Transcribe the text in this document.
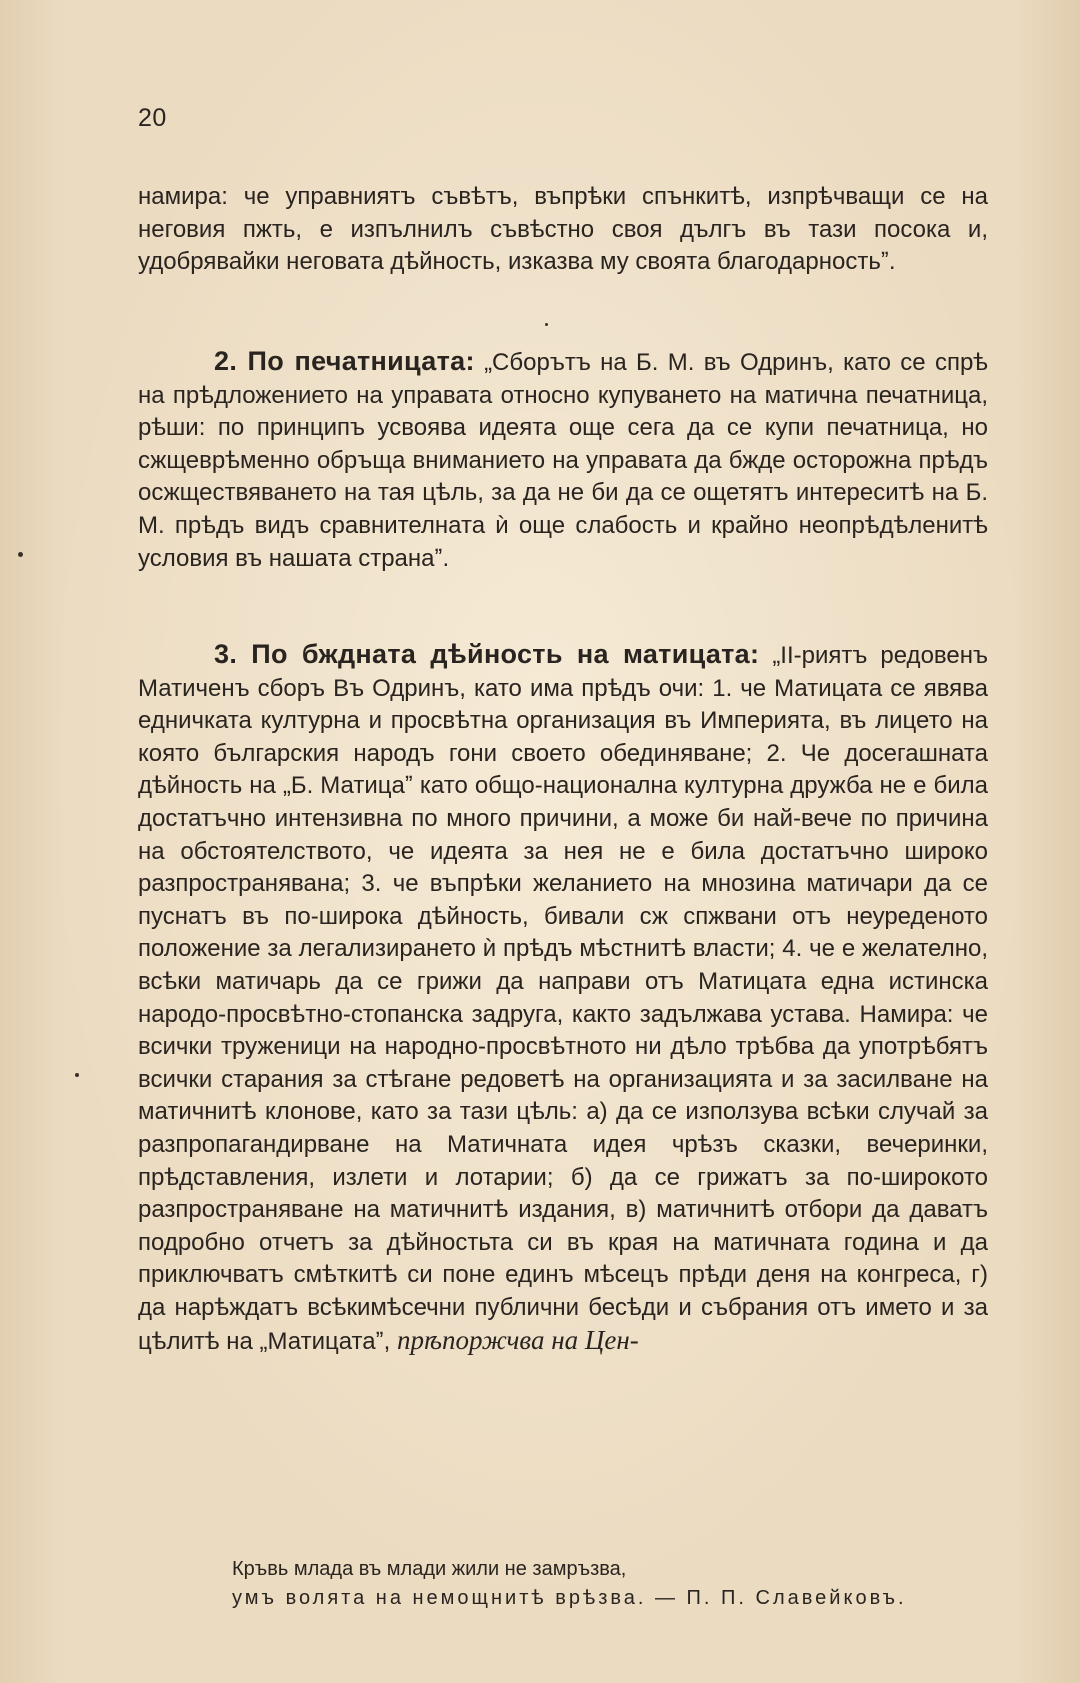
20
намира: че управниятъ съвѣтъ, въпрѣки спънкитѣ, изпрѣчващи се на неговия пжть, е изпълнилъ съвѣстно своя дългъ въ тази посока и, удобрявайки неговата дѣйность, изказва му своята благодарностьˮ.
2. По печатницата: „Сборътъ на Б. М. въ Одринъ, като се спрѣ на прѣдложението на управата относно купуването на матична печатница, рѣши: по принципъ усвоява идеята още сега да се купи печатница, но сжщеврѣменно обръща вниманието на управата да бжде осторожна прѣдъ осжществяването на тая цѣль, за да не би да се ощетятъ интереситѣ на Б. М. прѣдъ видъ сравнителната ѝ още слабость и крайно неопрѣдѣленитѣ условия въ нашата странаˮ.
3. По бждната дѣйность на матицата: „II-риятъ редовенъ Матиченъ сборъ Въ Одринъ, като има прѣдъ очи: 1. че Матицата се явява едничката културна и просвѣтна организация въ Империята, въ лицето на която българския народъ гони своето обединяване; 2. Че досегашната дѣйность на „Б. Матицаˮ като общо-национална културна дружба не е била достатъчно интензивна по много причини, а може би най-вече по причина на обстоятелството, че идеята за нея не е била достатъчно широко разпространявана; 3. че въпрѣки желанието на мнозина матичари да се пуснатъ въ по-широка дѣйность, бивали сж спжвани отъ неуреденото положение за легализирането ѝ прѣдъ мѣстнитѣ власти; 4. че е желателно, всѣки матичарь да се грижи да направи отъ Матицата една истинска народо-просвѣтно-стопанска задруга, както задължава устава. Намира: че всички труженици на народно-просвѣтното ни дѣло трѣбва да употрѣбятъ всички старания за стѣгане редоветѣ на организацията и за засилване на матичнитѣ клонове, като за тази цѣль: а) да се използува всѣки случай за разпропагандирване на Матичната идея чрѣзъ сказки, вечеринки, прѣдставления, излети и лотарии; б) да се грижатъ за по-широкото разпространяване на матичнитѣ издания, в) матичнитѣ отбори да даватъ подробно отчетъ за дѣйностьта си въ края на матичната година и да приключватъ смѣткитѣ си поне единъ мѣсецъ прѣди деня на конгреса, г) да нарѣждатъ всѣкимѣсечни публични бесѣди и събрания отъ името и за цѣлитѣ на „Матицатаˮ, прѣпоржчва на Цен-
Кръвь млада въ млади жили не замръзва,
умъ волята на немощнитѣ врѣзва. — П. П. Славейковъ.
